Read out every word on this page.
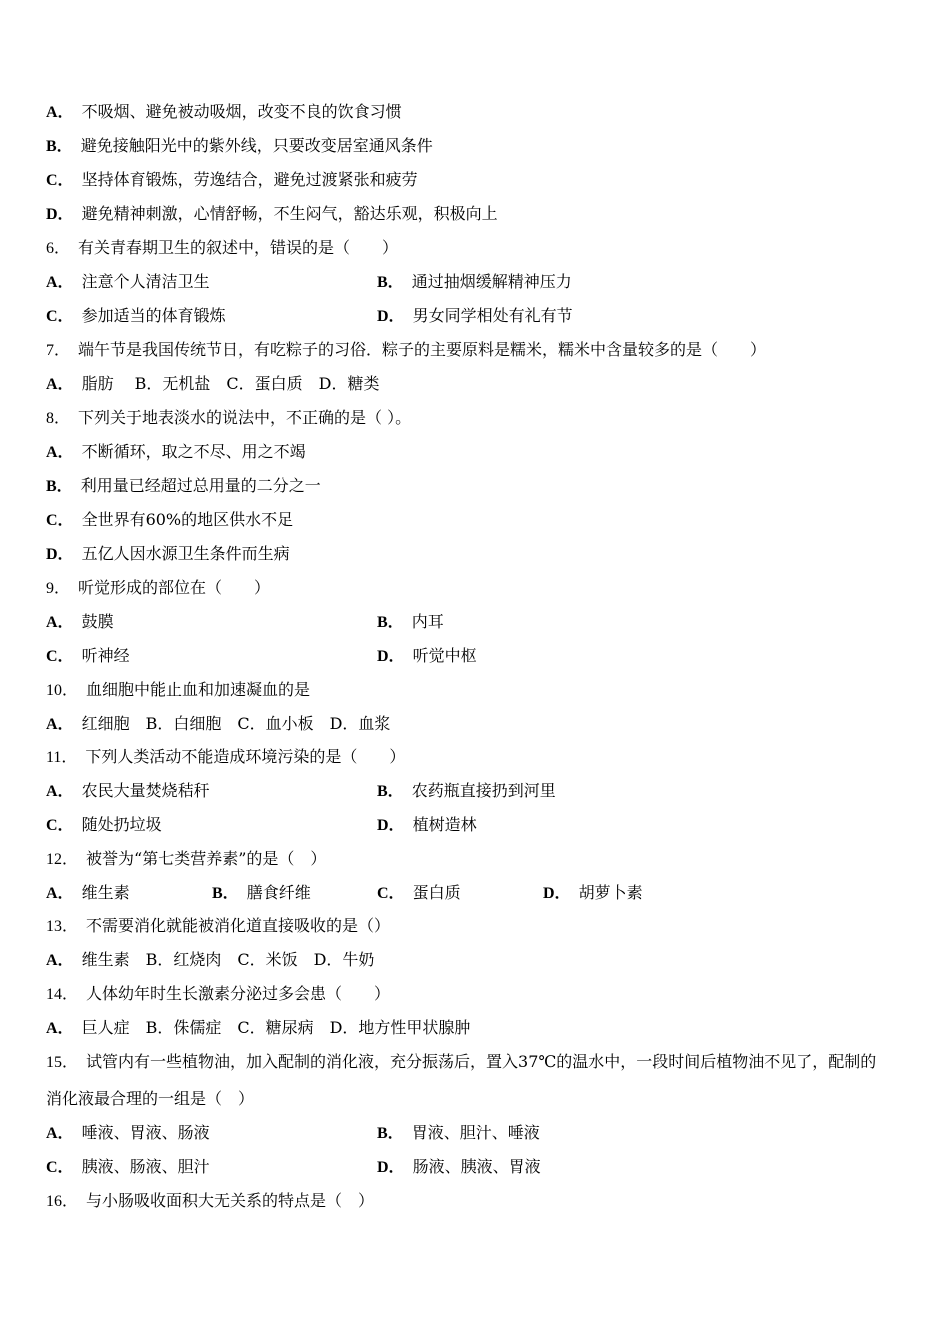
A． 不吸烟、避免被动吸烟，改变不良的饮食习惯
B． 避免接触阳光中的紫外线，只要改变居室通风条件
C． 坚持体育锻炼，劳逸结合，避免过渡紧张和疲劳
D． 避免精神刺激，心情舒畅，不生闷气，豁达乐观，积极向上
6． 有关青春期卫生的叙述中，错误的是（　　）
A． 注意个人清洁卫生	B． 通过抽烟缓解精神压力
C． 参加适当的体育锻炼	D． 男女同学相处有礼有节
7． 端午节是我国传统节日，有吃粽子的习俗．粽子的主要原料是糯米，糯米中含量较多的是（　　）
A． 脂肪　 B．无机盐　C．蛋白质　D．糖类
8． 下列关于地表淡水的说法中，不正确的是（ ）。
A． 不断循环，取之不尽、用之不竭
B． 利用量已经超过总用量的二分之一
C． 全世界有60%的地区供水不足
D． 五亿人因水源卫生条件而生病
9． 听觉形成的部位在（　　）
A． 鼓膜	B． 内耳
C． 听神经	D． 听觉中枢
10． 血细胞中能止血和加速凝血的是
A． 红细胞　B．白细胞　C．血小板　D．血浆
11． 下列人类活动不能造成环境污染的是（　　）
A． 农民大量焚烧秸秆	B． 农药瓶直接扔到河里
C． 随处扔垃圾	D． 植树造林
12． 被誉为“第七类营养素”的是（　）
A． 维生素	B． 膳食纤维	C． 蛋白质	D． 胡萝卜素
13． 不需要消化就能被消化道直接吸收的是（）
A． 维生素　B．红烧肉　C．米饭　D．牛奶
14． 人体幼年时生长激素分泌过多会患（　　）
A． 巨人症　B．侏儒症　C．糖尿病　D．地方性甲状腺肿
15． 试管内有一些植物油，加入配制的消化液，充分振荡后，置入37℃的温水中，一段时间后植物油不见了，配制的
消化液最合理的一组是（　）
A． 唾液、胃液、肠液	B． 胃液、胆汁、唾液
C． 胰液、肠液、胆汁	D． 肠液、胰液、胃液
16． 与小肠吸收面积大无关系的特点是（　）
